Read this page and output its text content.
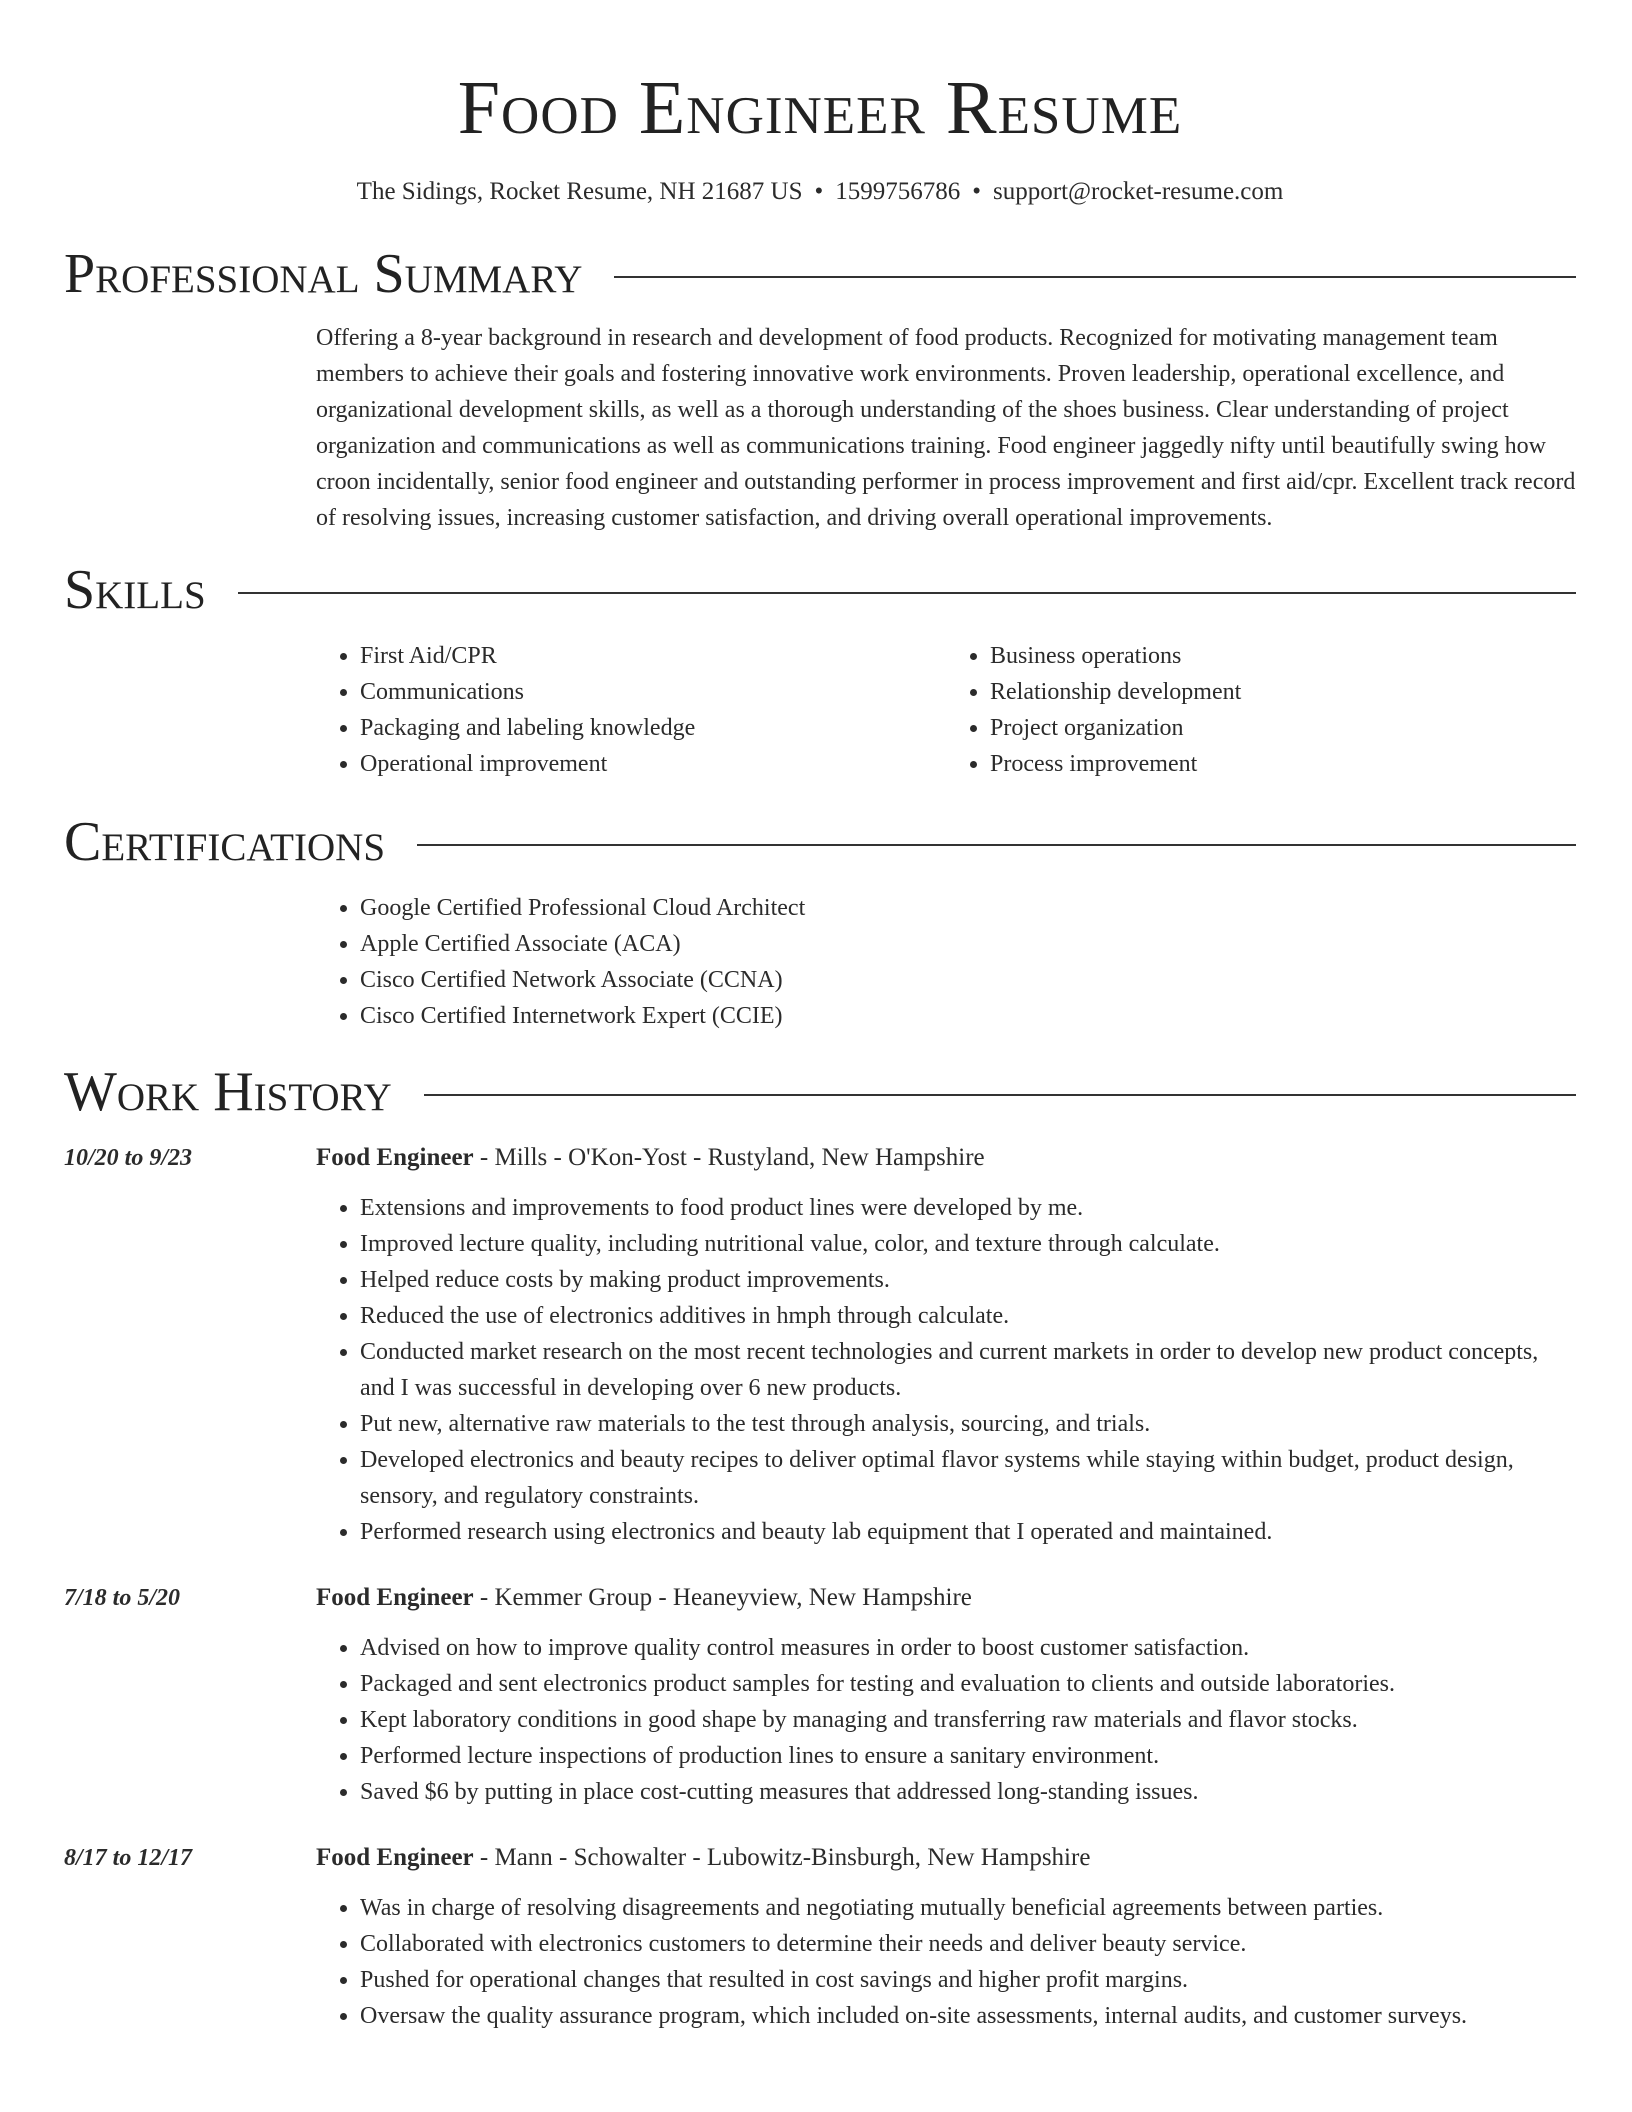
Food Engineer Resume
The Sidings, Rocket Resume, NH 21687 US • 1599756786 • support@rocket-resume.com
Professional Summary

Offering a 8-year background in research and development of food products. Recognized for motivating management team members to achieve their goals and fostering innovative work environments. Proven leadership, operational excellence, and organizational development skills, as well as a thorough understanding of the shoes business. Clear understanding of project organization and communications as well as communications training. Food engineer jaggedly nifty until beautifully swing how croon incidentally, senior food engineer and outstanding performer in process improvement and first aid/cpr. Excellent track record of resolving issues, increasing customer satisfaction, and driving overall operational improvements.

Skills
• First Aid/CPR
• Communications
• Packaging and labeling knowledge
• Operational improvement
• Business operations
• Relationship development
• Project organization
• Process improvement
Certifications
• Google Certified Professional Cloud Architect
• Apple Certified Associate (ACA)
• Cisco Certified Network Associate (CCNA)
• Cisco Certified Internetwork Expert (CCIE)
Work History
10/20 to 9/23	Food Engineer - Mills - O'Kon-Yost - Rustyland, New Hampshire
• Extensions and improvements to food product lines were developed by me.
• Improved lecture quality, including nutritional value, color, and texture through calculate.
• Helped reduce costs by making product improvements.
• Reduced the use of electronics additives in hmph through calculate.
• Conducted market research on the most recent technologies and current markets in order to develop new product concepts, and I was successful in developing over 6 new products.
• Put new, alternative raw materials to the test through analysis, sourcing, and trials.
• Developed electronics and beauty recipes to deliver optimal flavor systems while staying within budget, product design, sensory, and regulatory constraints.
• Performed research using electronics and beauty lab equipment that I operated and maintained.
7/18 to 5/20	Food Engineer - Kemmer Group - Heaneyview, New Hampshire
• Advised on how to improve quality control measures in order to boost customer satisfaction.
• Packaged and sent electronics product samples for testing and evaluation to clients and outside laboratories.
• Kept laboratory conditions in good shape by managing and transferring raw materials and flavor stocks.
• Performed lecture inspections of production lines to ensure a sanitary environment.
• Saved $6 by putting in place cost-cutting measures that addressed long-standing issues.
8/17 to 12/17	Food Engineer - Mann - Schowalter - Lubowitz-Binsburgh, New Hampshire
• Was in charge of resolving disagreements and negotiating mutually beneficial agreements between parties.
• Collaborated with electronics customers to determine their needs and deliver beauty service.
• Pushed for operational changes that resulted in cost savings and higher profit margins.
• Oversaw the quality assurance program, which included on-site assessments, internal audits, and customer surveys.
